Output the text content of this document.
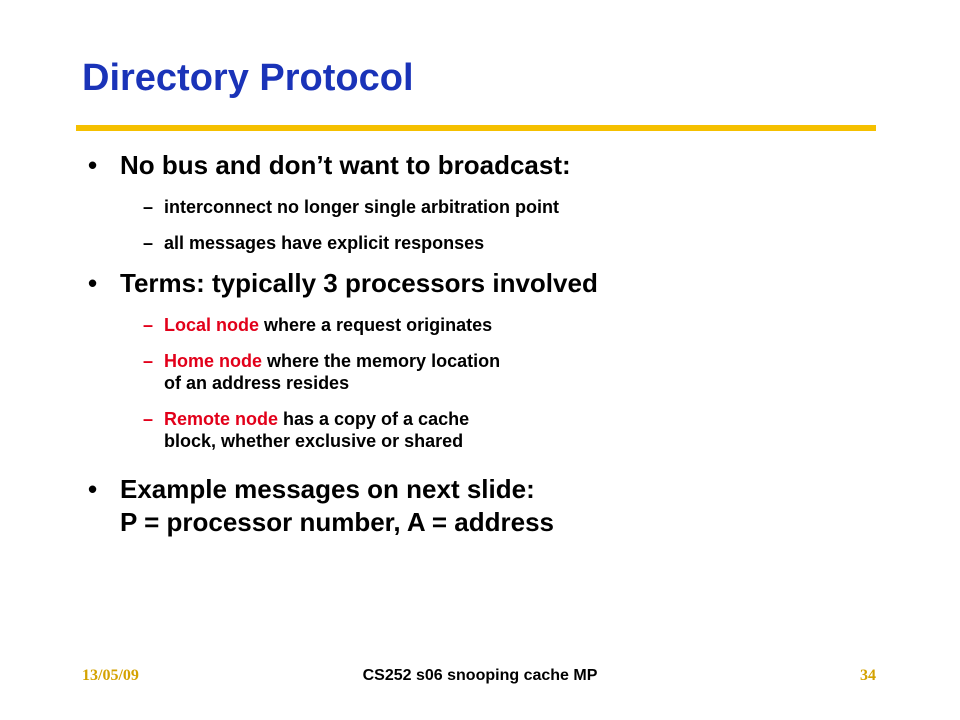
Directory Protocol
• No bus and don’t want to broadcast:
– interconnect no longer single arbitration point
– all messages have explicit responses
• Terms: typically 3 processors involved
– Local node where a request originates
– Home node where the memory location
of an address resides
– Remote node has a copy of a cache
block, whether exclusive or shared
• Example messages on next slide:
P = processor number, A = address
13/05/09	CS252 s06 snooping cache MP	34
